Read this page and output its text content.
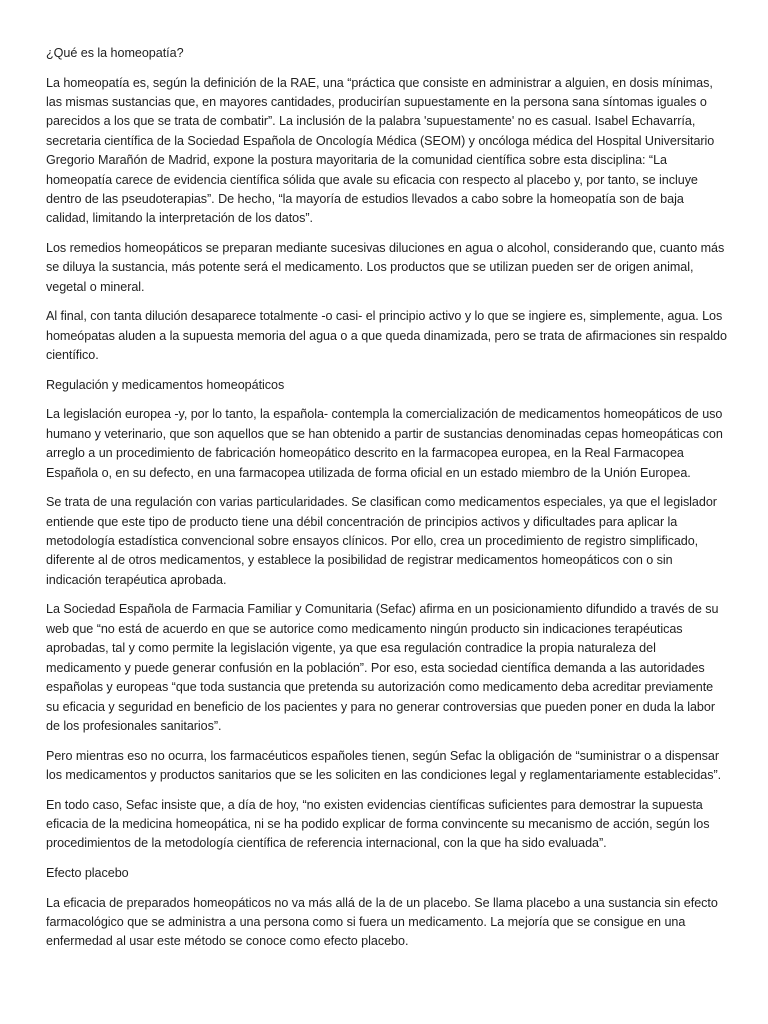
¿Qué es la homeopatía?

La homeopatía es, según la definición de la RAE, una “práctica que consiste en administrar a alguien, en dosis mínimas, las mismas sustancias que, en mayores cantidades, producirían supuestamente en la persona sana síntomas iguales o parecidos a los que se trata de combatir”. La inclusión de la palabra 'supuestamente' no es casual. Isabel Echavarría, secretaria científica de la Sociedad Española de Oncología Médica (SEOM) y oncóloga médica del Hospital Universitario Gregorio Marañón de Madrid, expone la postura mayoritaria de la comunidad científica sobre esta disciplina: “La homeopatía carece de evidencia científica sólida que avale su eficacia con respecto al placebo y, por tanto, se incluye dentro de las pseudoterapias”. De hecho, “la mayoría de estudios llevados a cabo sobre la homeopatía son de baja calidad, limitando la interpretación de los datos”.

Los remedios homeopáticos se preparan mediante sucesivas diluciones en agua o alcohol, considerando que, cuanto más se diluya la sustancia, más potente será el medicamento. Los productos que se utilizan pueden ser de origen animal, vegetal o mineral.

Al final, con tanta dilución desaparece totalmente -o casi- el principio activo y lo que se ingiere es, simplemente, agua. Los homeópatas aluden a la supuesta memoria del agua o a que queda dinamizada, pero se trata de afirmaciones sin respaldo científico.

Regulación y medicamentos homeopáticos

La legislación europea -y, por lo tanto, la española- contempla la comercialización de medicamentos homeopáticos de uso humano y veterinario, que son aquellos que se han obtenido a partir de sustancias denominadas cepas homeopáticas con arreglo a un procedimiento de fabricación homeopático descrito en la farmacopea europea, en la Real Farmacopea Española o, en su defecto, en una farmacopea utilizada de forma oficial en un estado miembro de la Unión Europea.

Se trata de una regulación con varias particularidades. Se clasifican como medicamentos especiales, ya que el legislador entiende que este tipo de producto tiene una débil concentración de principios activos y dificultades para aplicar la metodología estadística convencional sobre ensayos clínicos. Por ello, crea un procedimiento de registro simplificado, diferente al de otros medicamentos, y establece la posibilidad de registrar medicamentos homeopáticos con o sin indicación terapéutica aprobada.

La Sociedad Española de Farmacia Familiar y Comunitaria (Sefac) afirma en un posicionamiento difundido a través de su web que “no está de acuerdo en que se autorice como medicamento ningún producto sin indicaciones terapéuticas aprobadas, tal y como permite la legislación vigente, ya que esa regulación contradice la propia naturaleza del medicamento y puede generar confusión en la población”. Por eso, esta sociedad científica demanda a las autoridades españolas y europeas “que toda sustancia que pretenda su autorización como medicamento deba acreditar previamente su eficacia y seguridad en beneficio de los pacientes y para no generar controversias que pueden poner en duda la labor de los profesionales sanitarios”.

Pero mientras eso no ocurra, los farmacéuticos españoles tienen, según Sefac la obligación de “suministrar o a dispensar los medicamentos y productos sanitarios que se les soliciten en las condiciones legal y reglamentariamente establecidas”.

En todo caso, Sefac insiste que, a día de hoy, “no existen evidencias científicas suficientes para demostrar la supuesta eficacia de la medicina homeopática, ni se ha podido explicar de forma convincente su mecanismo de acción, según los procedimientos de la metodología científica de referencia internacional, con la que ha sido evaluada”.

Efecto placebo

La eficacia de preparados homeopáticos no va más allá de la de un placebo. Se llama placebo a una sustancia sin efecto farmacológico que se administra a una persona como si fuera un medicamento. La mejoría que se consigue en una enfermedad al usar este método se conoce como efecto placebo.
